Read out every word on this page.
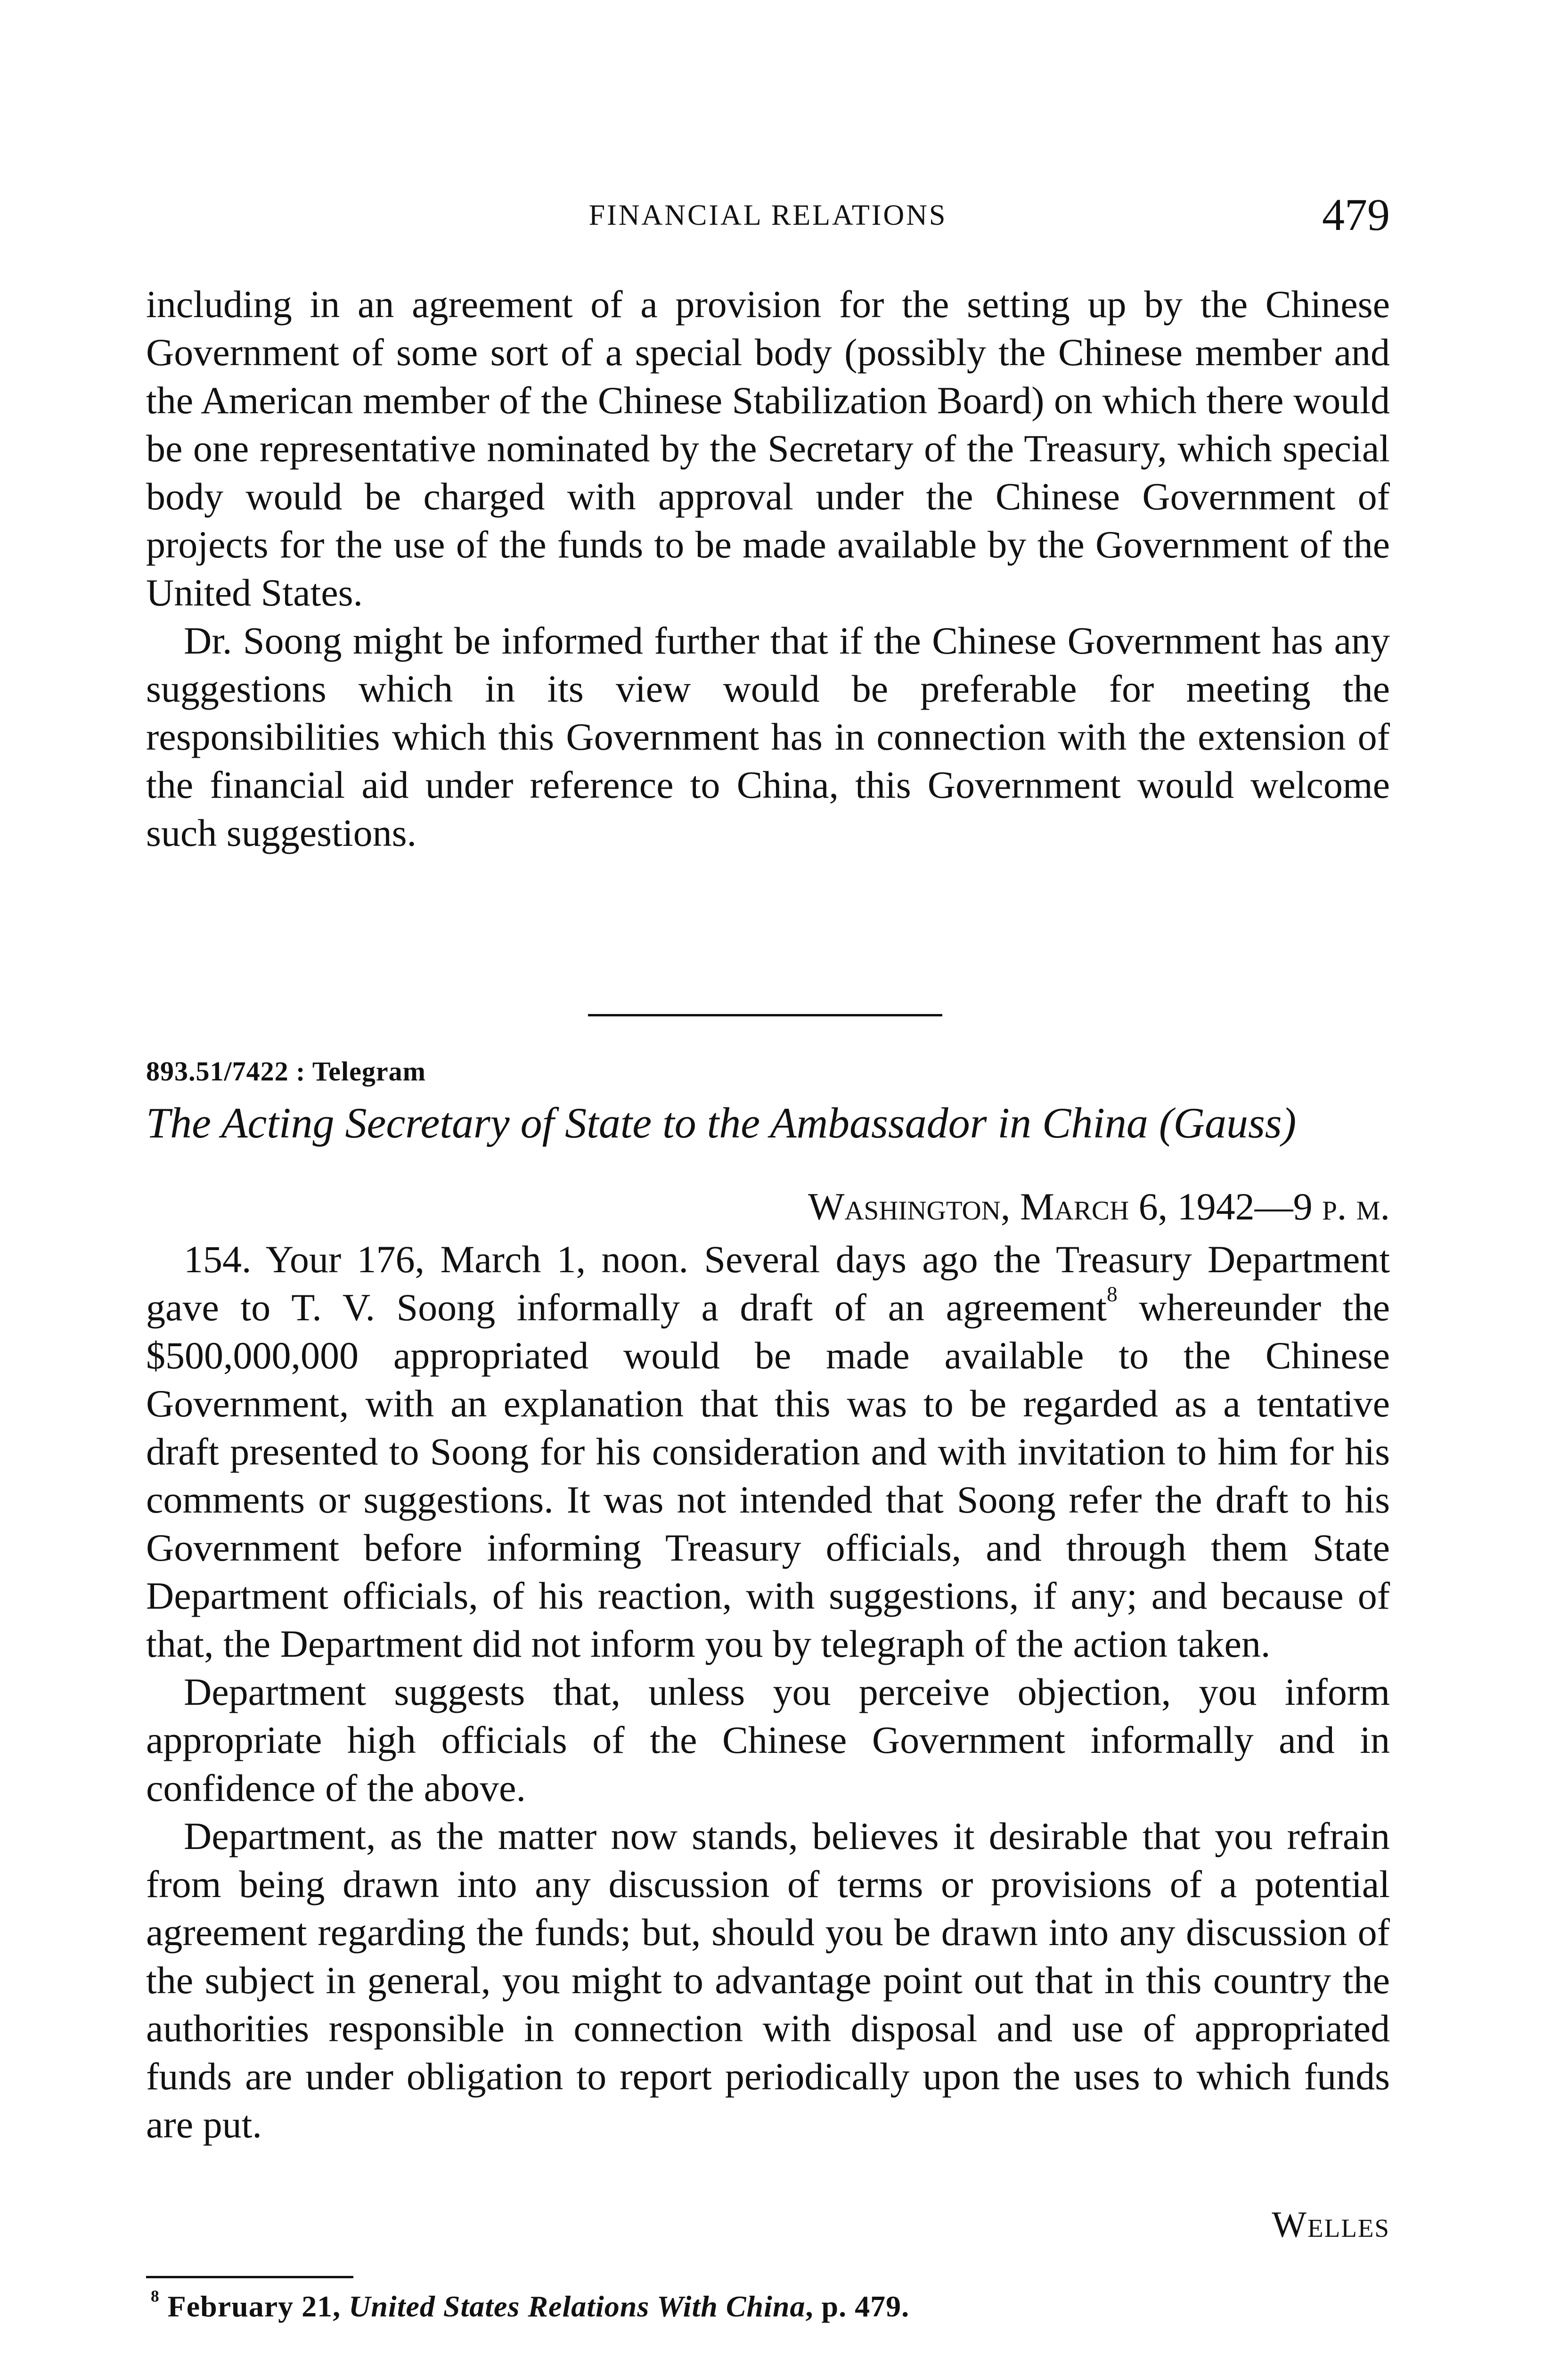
FINANCIAL RELATIONS	479

including in an agreement of a provision for the setting up by the Chinese Government of some sort of a special body (possibly the Chinese member and the American member of the Chinese Stabilization Board) on which there would be one representative nominated by the Secretary of the Treasury, which special body would be charged with approval under the Chinese Government of projects for the use of the funds to be made available by the Government of the United States.

Dr. Soong might be informed further that if the Chinese Government has any suggestions which in its view would be preferable for meeting the responsibilities which this Government has in connection with the extension of the financial aid under reference to China, this Government would welcome such suggestions.

893.51/7422 : Telegram
The Acting Secretary of State to the Ambassador in China (Gauss)
Washington, March 6, 1942—9 p. m.

154. Your 176, March 1, noon. Several days ago the Treasury Department gave to T. V. Soong informally a draft of an agreement$^8$ whereunder the $500,000,000 appropriated would be made available to the Chinese Government, with an explanation that this was to be regarded as a tentative draft presented to Soong for his consideration and with invitation to him for his comments or suggestions. It was not intended that Soong refer the draft to his Government before informing Treasury officials, and through them State Department officials, of his reaction, with suggestions, if any; and because of that, the Department did not inform you by telegraph of the action taken.

Department suggests that, unless you perceive objection, you inform appropriate high officials of the Chinese Government informally and in confidence of the above.

Department, as the matter now stands, believes it desirable that you refrain from being drawn into any discussion of terms or provisions of a potential agreement regarding the funds; but, should you be drawn into any discussion of the subject in general, you might to advantage point out that in this country the authorities responsible in connection with disposal and use of appropriated funds are under obligation to report periodically upon the uses to which funds are put.

Welles
$^8$ February 21, United States Relations With China, p. 479.
